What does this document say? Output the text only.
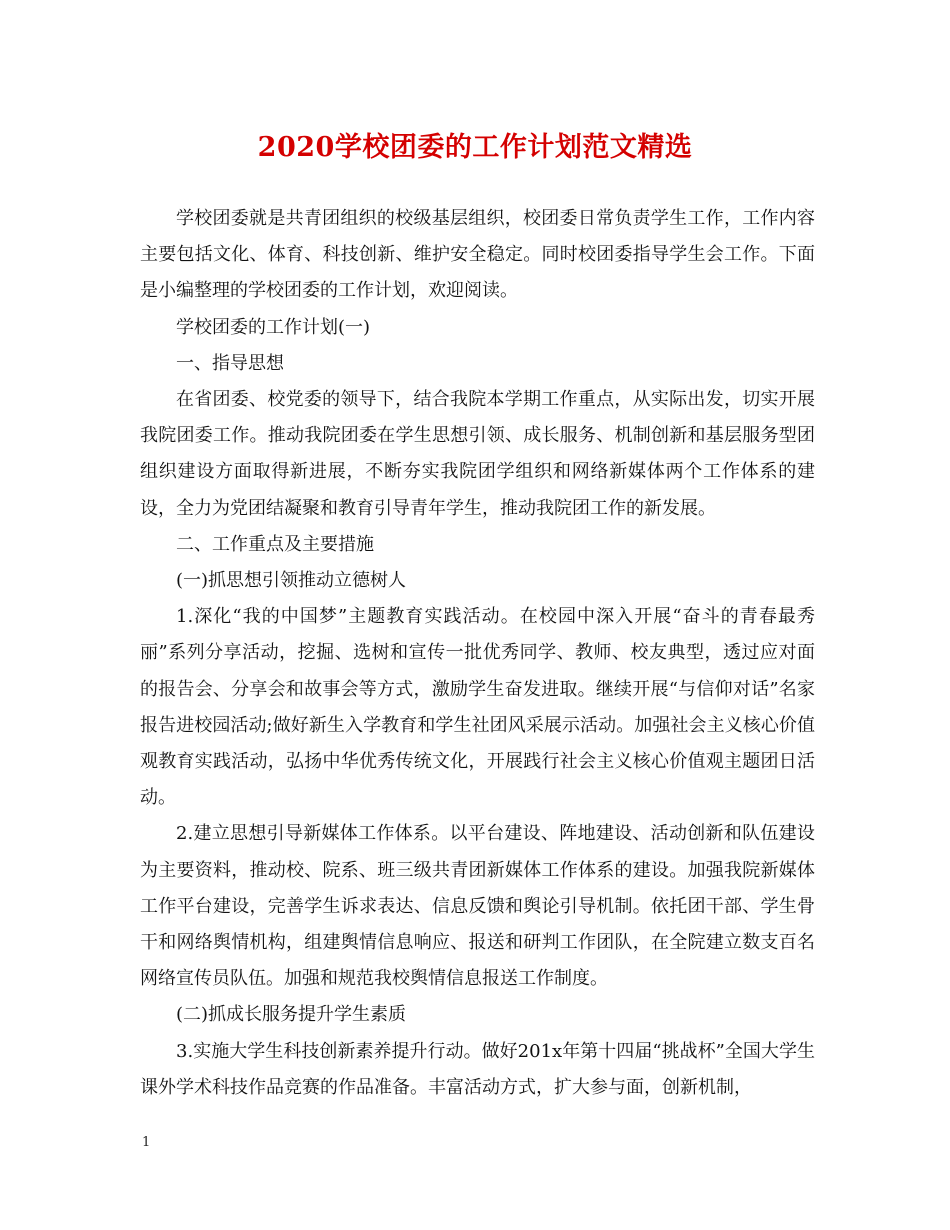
2020学校团委的工作计划范文精选

学校团委就是共青团组织的校级基层组织，校团委日常负责学生工作，工作内容主要包括文化、体育、科技创新、维护安全稳定。同时校团委指导学生会工作。下面是小编整理的学校团委的工作计划，欢迎阅读。

学校团委的工作计划(一)

一、指导思想

在省团委、校党委的领导下，结合我院本学期工作重点，从实际出发，切实开展我院团委工作。推动我院团委在学生思想引领、成长服务、机制创新和基层服务型团组织建设方面取得新进展，不断夯实我院团学组织和网络新媒体两个工作体系的建设，全力为党团结凝聚和教育引导青年学生，推动我院团工作的新发展。

二、工作重点及主要措施

(一)抓思想引领推动立德树人

1.深化“我的中国梦”主题教育实践活动。在校园中深入开展“奋斗的青春最秀丽”系列分享活动，挖掘、选树和宣传一批优秀同学、教师、校友典型，透过应对面的报告会、分享会和故事会等方式，激励学生奋发进取。继续开展“与信仰对话”名家报告进校园活动;做好新生入学教育和学生社团风采展示活动。加强社会主义核心价值观教育实践活动，弘扬中华优秀传统文化，开展践行社会主义核心价值观主题团日活动。

2.建立思想引导新媒体工作体系。以平台建设、阵地建设、活动创新和队伍建设为主要资料，推动校、院系、班三级共青团新媒体工作体系的建设。加强我院新媒体工作平台建设，完善学生诉求表达、信息反馈和舆论引导机制。依托团干部、学生骨干和网络舆情机构，组建舆情信息响应、报送和研判工作团队，在全院建立数支百名网络宣传员队伍。加强和规范我校舆情信息报送工作制度。

(二)抓成长服务提升学生素质

3.实施大学生科技创新素养提升行动。做好201x年第十四届“挑战杯”全国大学生课外学术科技作品竞赛的作品准备。丰富活动方式，扩大参与面，创新机制，

1
